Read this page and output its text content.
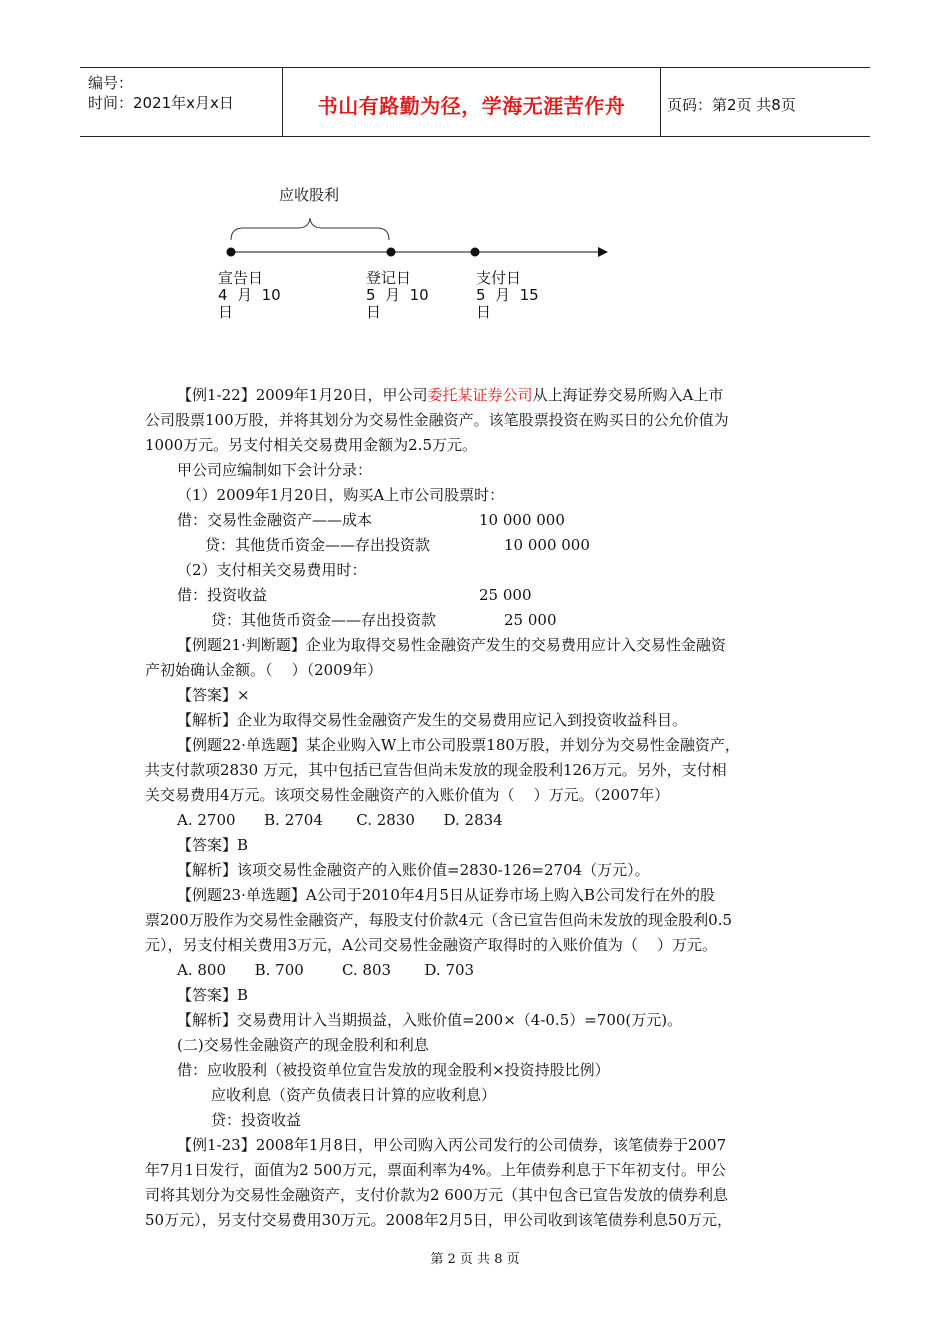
编号：
时间：2021年x月x日	书山有路勤为径，学海无涯苦作舟	页码：第2页 共8页
应收股利
宣告日
4  月  10
日
登记日
5  月  10
日
支付日
5  月  15
日
【例1-22】2009年1月20日，甲公司委托某证券公司从上海证券交易所购入A上市
公司股票100万股，并将其划分为交易性金融资产。该笔股票投资在购买日的公允价值为
1000万元。另支付相关交易费用金额为2.5万元。
甲公司应编制如下会计分录：
（1）2009年1月20日，购买A上市公司股票时：
借：交易性金融资产——成本	10 000 000
贷：其他货币资金——存出投资款	10 000 000
（2）支付相关交易费用时：
借：投资收益	25 000
贷：其他货币资金——存出投资款	25 000
【例题21·判断题】企业为取得交易性金融资产发生的交易费用应计入交易性金融资
产初始确认金额。（    ）（2009年）
【答案】×
【解析】企业为取得交易性金融资产发生的交易费用应记入到投资收益科目。
【例题22·单选题】某企业购入W上市公司股票180万股，并划分为交易性金融资产，
共支付款项2830 万元，其中包括已宣告但尚未发放的现金股利126万元。另外，支付相
关交易费用4万元。该项交易性金融资产的入账价值为（    ）万元。（2007年）
A. 2700      B. 2704       C. 2830      D. 2834
【答案】B
【解析】该项交易性金融资产的入账价值=2830-126=2704（万元）。
【例题23·单选题】A公司于2010年4月5日从证券市场上购入B公司发行在外的股
票200万股作为交易性金融资产，每股支付价款4元（含已宣告但尚未发放的现金股利0.5
元），另支付相关费用3万元，A公司交易性金融资产取得时的入账价值为（    ）万元。
A. 800      B. 700        C. 803       D. 703
【答案】B
【解析】交易费用计入当期损益，入账价值=200×（4-0.5）=700(万元)。
(二)交易性金融资产的现金股利和利息
借：应收股利（被投资单位宣告发放的现金股利×投资持股比例）
应收利息（资产负债表日计算的应收利息）
贷：投资收益
【例1-23】2008年1月8日，甲公司购入丙公司发行的公司债券，该笔债券于2007
年7月1日发行，面值为2 500万元，票面利率为4%。上年债券利息于下年初支付。甲公
司将其划分为交易性金融资产，支付价款为2 600万元（其中包含已宣告发放的债券利息
50万元），另支付交易费用30万元。2008年2月5日，甲公司收到该笔债券利息50万元，
第 2 页 共 8 页
